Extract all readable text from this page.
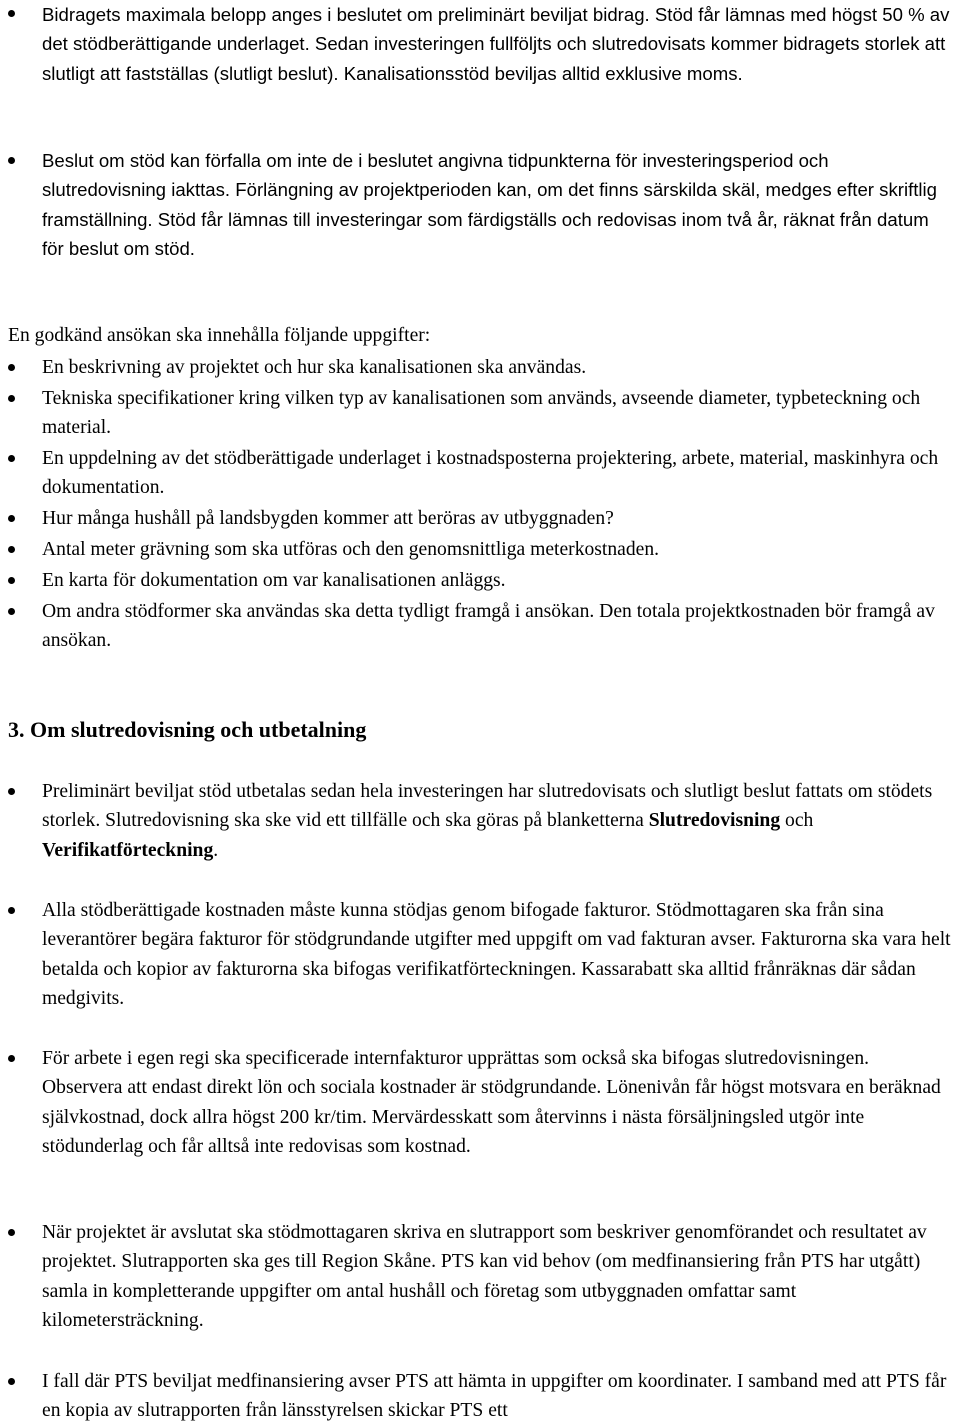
Bidragets maximala belopp anges i beslutet om preliminärt beviljat bidrag. Stöd får lämnas med högst 50 % av det stödberättigande underlaget. Sedan investeringen fullföljts och slutredovisats kommer bidragets storlek att slutligt att fastställas (slutligt beslut). Kanalisationsstöd beviljas alltid exklusive moms.
Beslut om stöd kan förfalla om inte de i beslutet angivna tidpunkterna för investeringsperiod och slutredovisning iakttas. Förlängning av projektperioden kan, om det finns särskilda skäl, medges efter skriftlig framställning. Stöd får lämnas till investeringar som färdigställs och redovisas inom två år, räknat från datum för beslut om stöd.
En godkänd ansökan ska innehålla följande uppgifter:
En beskrivning av projektet och hur ska kanalisationen ska användas.
Tekniska specifikationer kring vilken typ av kanalisationen som används, avseende diameter, typbeteckning och material.
En uppdelning av det stödberättigade underlaget i kostnadsposterna projektering, arbete, material, maskinhyra och dokumentation.
Hur många hushåll på landsbygden kommer att beröras av utbyggnaden?
Antal meter grävning som ska utföras och den genomsnittliga meterkostnaden.
En karta för dokumentation om var kanalisationen anläggs.
Om andra stödformer ska användas ska detta tydligt framgå i ansökan. Den totala projektkostnaden bör framgå av ansökan.
3. Om slutredovisning och utbetalning
Preliminärt beviljat stöd utbetalas sedan hela investeringen har slutredovisats och slutligt beslut fattats om stödets storlek. Slutredovisning ska ske vid ett tillfälle och ska göras på blanketterna Slutredovisning och Verifikatförteckning.
Alla stödberättigade kostnaden måste kunna stödjas genom bifogade fakturor. Stödmottagaren ska från sina leverantörer begära fakturor för stödgrundande utgifter med uppgift om vad fakturan avser. Fakturorna ska vara helt betalda och kopior av fakturorna ska bifogas verifikatförteckningen. Kassarabatt ska alltid frånräknas där sådan medgivits.
För arbete i egen regi ska specificerade internfakturor upprättas som också ska bifogas slutredovisningen. Observera att endast direkt lön och sociala kostnader är stödgrundande. Lönenivån får högst motsvara en beräknad självkostnad, dock allra högst 200 kr/tim. Mervärdesskatt som återvinns i nästa försäljningsled utgör inte stödunderlag och får alltså inte redovisas som kostnad.
När projektet är avslutat ska stödmottagaren skriva en slutrapport som beskriver genomförandet och resultatet av projektet. Slutrapporten ska ges till Region Skåne. PTS kan vid behov (om medfinansiering från PTS har utgått) samla in kompletterande uppgifter om antal hushåll och företag som utbyggnaden omfattar samt kilometersträckning.
I fall där PTS beviljat medfinansiering avser PTS att hämta in uppgifter om koordinater. I samband med att PTS får en kopia av slutrapporten från länsstyrelsen skickar PTS ett
